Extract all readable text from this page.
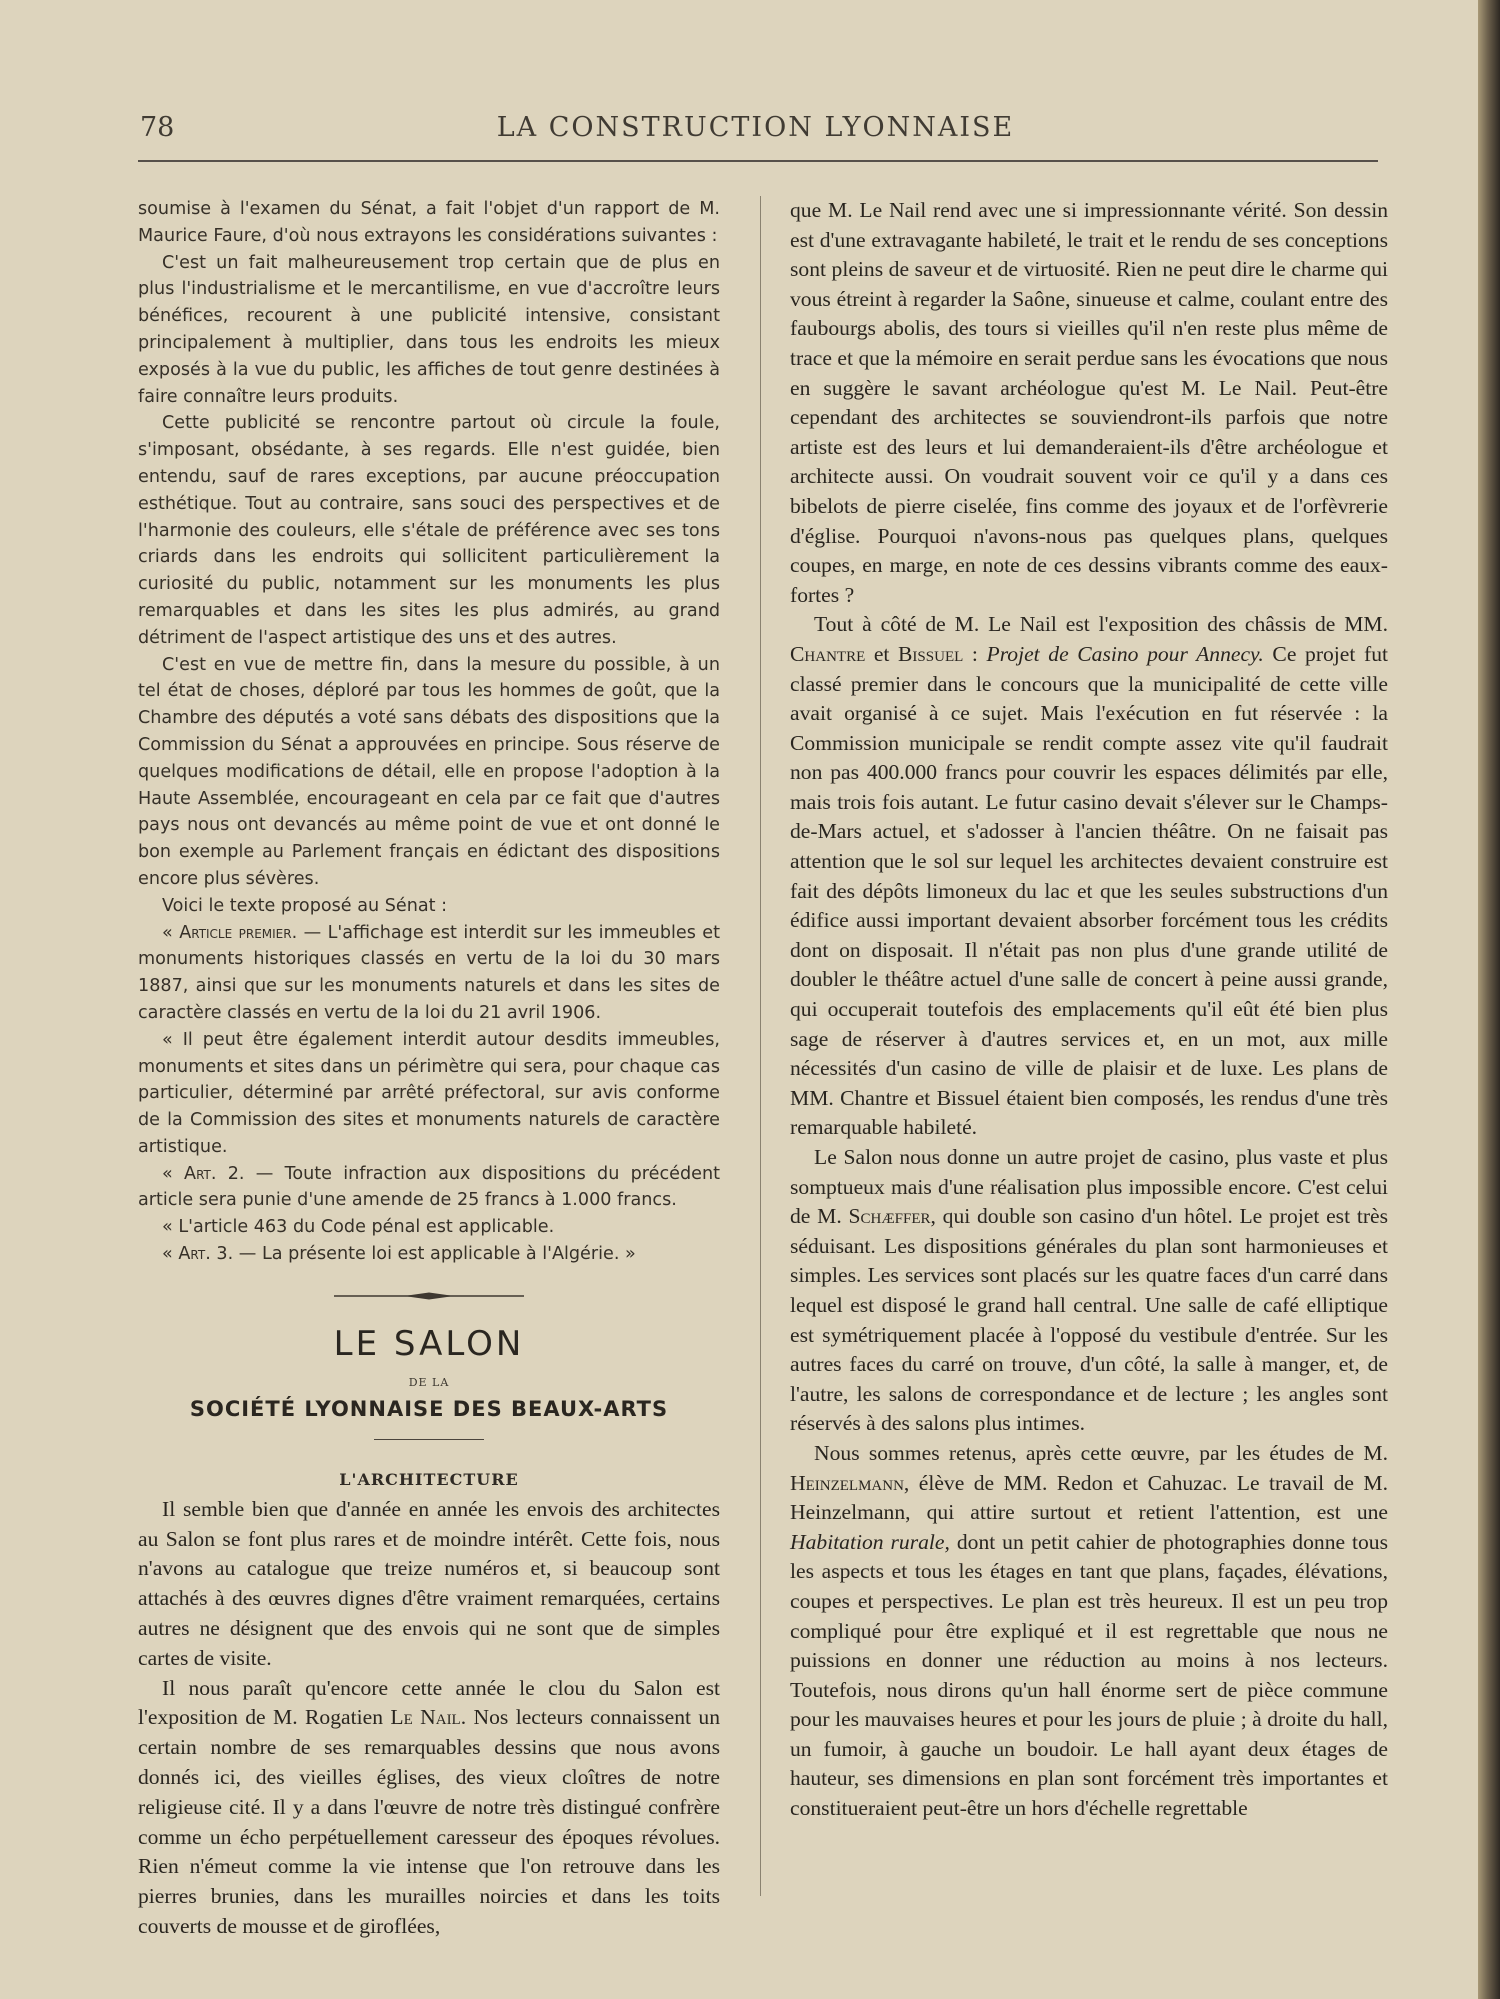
78	LA CONSTRUCTION LYONNAISE

soumise à l'examen du Sénat, a fait l'objet d'un rapport de M. Maurice Faure, d'où nous extrayons les considérations suivantes :

C'est un fait malheureusement trop certain que de plus en plus l'industrialisme et le mercantilisme, en vue d'accroître leurs bénéfices, recourent à une publicité intensive, consistant principalement à multiplier, dans tous les endroits les mieux exposés à la vue du public, les affiches de tout genre destinées à faire connaître leurs produits.

Cette publicité se rencontre partout où circule la foule, s'imposant, obsédante, à ses regards. Elle n'est guidée, bien entendu, sauf de rares exceptions, par aucune préoccupation esthétique. Tout au contraire, sans souci des perspectives et de l'harmonie des couleurs, elle s'étale de préférence avec ses tons criards dans les endroits qui sollicitent particulièrement la curiosité du public, notamment sur les monuments les plus remarquables et dans les sites les plus admirés, au grand détriment de l'aspect artistique des uns et des autres.

C'est en vue de mettre fin, dans la mesure du possible, à un tel état de choses, déploré par tous les hommes de goût, que la Chambre des députés a voté sans débats des dispositions que la Commission du Sénat a approuvées en principe. Sous réserve de quelques modifications de détail, elle en propose l'adoption à la Haute Assemblée, encourageant en cela par ce fait que d'autres pays nous ont devancés au même point de vue et ont donné le bon exemple au Parlement français en édictant des dispositions encore plus sévères.

Voici le texte proposé au Sénat :

« Article premier. — L'affichage est interdit sur les immeubles et monuments historiques classés en vertu de la loi du 30 mars 1887, ainsi que sur les monuments naturels et dans les sites de caractère classés en vertu de la loi du 21 avril 1906.

« Il peut être également interdit autour desdits immeubles, monuments et sites dans un périmètre qui sera, pour chaque cas particulier, déterminé par arrêté préfectoral, sur avis conforme de la Commission des sites et monuments naturels de caractère artistique.

« Art. 2. — Toute infraction aux dispositions du précédent article sera punie d'une amende de 25 francs à 1.000 francs.

« L'article 463 du Code pénal est applicable.

« Art. 3. — La présente loi est applicable à l'Algérie. »

LE SALON
DE LA
SOCIÉTÉ LYONNAISE DES BEAUX-ARTS
L'ARCHITECTURE

Il semble bien que d'année en année les envois des architectes au Salon se font plus rares et de moindre intérêt. Cette fois, nous n'avons au catalogue que treize numéros et, si beaucoup sont attachés à des œuvres dignes d'être vraiment remarquées, certains autres ne désignent que des envois qui ne sont que de simples cartes de visite.

Il nous paraît qu'encore cette année le clou du Salon est l'exposition de M. Rogatien Le Nail. Nos lecteurs connaissent un certain nombre de ses remarquables dessins que nous avons donnés ici, des vieilles églises, des vieux cloîtres de notre religieuse cité. Il y a dans l'œuvre de notre très distingué confrère comme un écho perpétuellement caresseur des époques révolues. Rien n'émeut comme la vie intense que l'on retrouve dans les pierres brunies, dans les murailles noircies et dans les toits couverts de mousse et de giroflées,

que M. Le Nail rend avec une si impressionnante vérité. Son dessin est d'une extravagante habileté, le trait et le rendu de ses conceptions sont pleins de saveur et de virtuosité. Rien ne peut dire le charme qui vous étreint à regarder la Saône, sinueuse et calme, coulant entre des faubourgs abolis, des tours si vieilles qu'il n'en reste plus même de trace et que la mémoire en serait perdue sans les évocations que nous en suggère le savant archéologue qu'est M. Le Nail. Peut-être cependant des architectes se souviendront-ils parfois que notre artiste est des leurs et lui demanderaient-ils d'être archéologue et architecte aussi. On voudrait souvent voir ce qu'il y a dans ces bibelots de pierre ciselée, fins comme des joyaux et de l'orfèvrerie d'église. Pourquoi n'avons-nous pas quelques plans, quelques coupes, en marge, en note de ces dessins vibrants comme des eaux-fortes ?

Tout à côté de M. Le Nail est l'exposition des châssis de MM. Chantre et Bissuel : Projet de Casino pour Annecy. Ce projet fut classé premier dans le concours que la municipalité de cette ville avait organisé à ce sujet. Mais l'exécution en fut réservée : la Commission municipale se rendit compte assez vite qu'il faudrait non pas 400.000 francs pour couvrir les espaces délimités par elle, mais trois fois autant. Le futur casino devait s'élever sur le Champs-de-Mars actuel, et s'adosser à l'ancien théâtre. On ne faisait pas attention que le sol sur lequel les architectes devaient construire est fait des dépôts limoneux du lac et que les seules substructions d'un édifice aussi important devaient absorber forcément tous les crédits dont on disposait. Il n'était pas non plus d'une grande utilité de doubler le théâtre actuel d'une salle de concert à peine aussi grande, qui occuperait toutefois des emplacements qu'il eût été bien plus sage de réserver à d'autres services et, en un mot, aux mille nécessités d'un casino de ville de plaisir et de luxe. Les plans de MM. Chantre et Bissuel étaient bien composés, les rendus d'une très remarquable habileté.

Le Salon nous donne un autre projet de casino, plus vaste et plus somptueux mais d'une réalisation plus impossible encore. C'est celui de M. Schæffer, qui double son casino d'un hôtel. Le projet est très séduisant. Les dispositions générales du plan sont harmonieuses et simples. Les services sont placés sur les quatre faces d'un carré dans lequel est disposé le grand hall central. Une salle de café elliptique est symétriquement placée à l'opposé du vestibule d'entrée. Sur les autres faces du carré on trouve, d'un côté, la salle à manger, et, de l'autre, les salons de correspondance et de lecture ; les angles sont réservés à des salons plus intimes.

Nous sommes retenus, après cette œuvre, par les études de M. Heinzelmann, élève de MM. Redon et Cahuzac. Le travail de M. Heinzelmann, qui attire surtout et retient l'attention, est une Habitation rurale, dont un petit cahier de photographies donne tous les aspects et tous les étages en tant que plans, façades, élévations, coupes et perspectives. Le plan est très heureux. Il est un peu trop compliqué pour être expliqué et il est regrettable que nous ne puissions en donner une réduction au moins à nos lecteurs. Toutefois, nous dirons qu'un hall énorme sert de pièce commune pour les mauvaises heures et pour les jours de pluie ; à droite du hall, un fumoir, à gauche un boudoir. Le hall ayant deux étages de hauteur, ses dimensions en plan sont forcément très importantes et constitueraient peut-être un hors d'échelle regrettable
